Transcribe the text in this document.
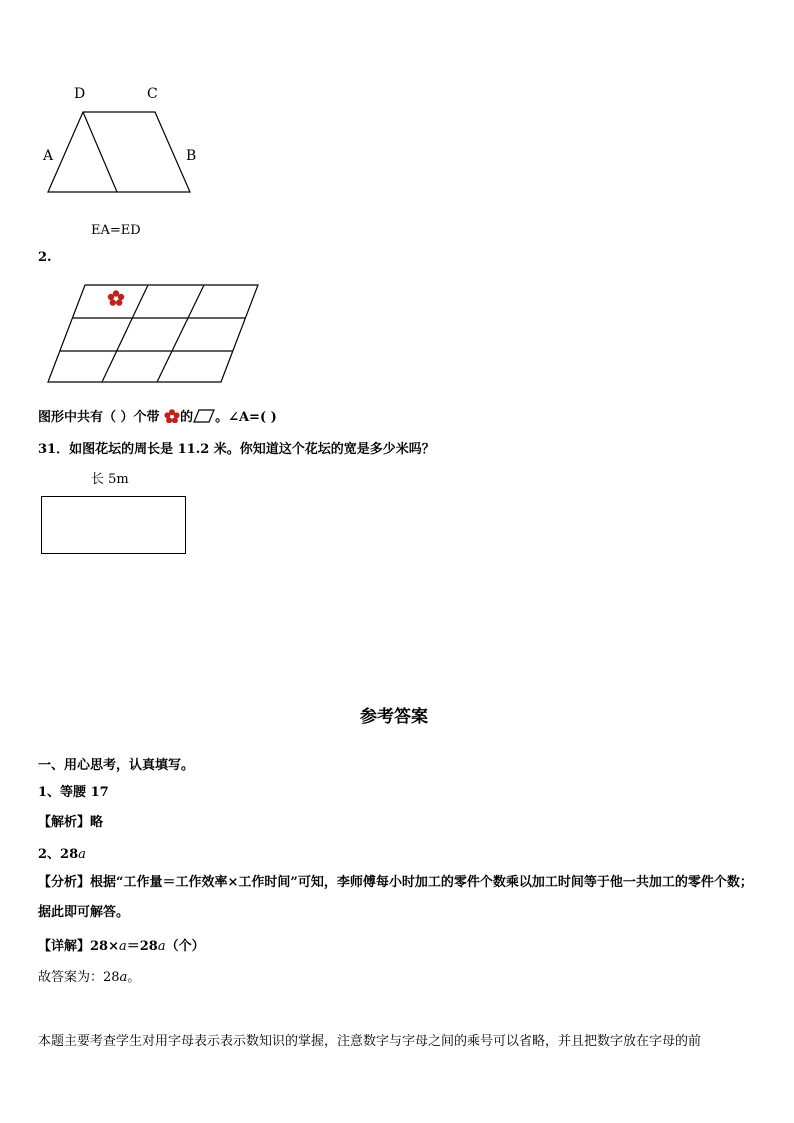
D	C
A	B
EA=ED
2.
图形中共有（ ）个带 的 。∠A=( )
31．如图花坛的周长是 11.2 米。你知道这个花坛的宽是多少米吗？
长 5m
参考答案
一、用心思考，认真填写。
1、等腰 17
【解析】略
2、28a
【分析】根据“工作量＝工作效率×工作时间”可知，李师傅每小时加工的零件个数乘以加工时间等于他一共加工的零件个数；据此即可解答。
【详解】28×a＝28a（个）
故答案为：28a。
本题主要考查学生对用字母表示表示数知识的掌握，注意数字与字母之间的乘号可以省略，并且把数字放在字母的前
